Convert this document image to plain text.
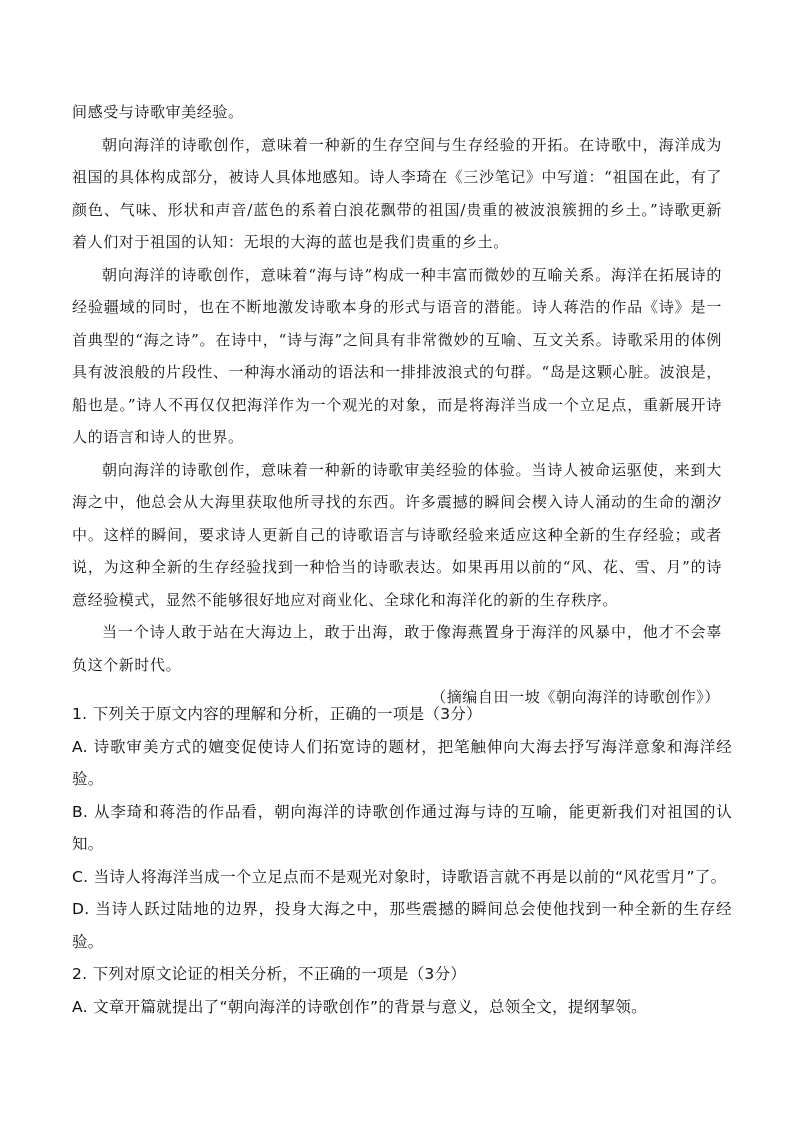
间感受与诗歌审美经验。

朝向海洋的诗歌创作，意味着一种新的生存空间与生存经验的开拓。在诗歌中，海洋成为祖国的具体构成部分，被诗人具体地感知。诗人李琦在《三沙笔记》中写道：“祖国在此，有了颜色、气味、形状和声音/蓝色的系着白浪花飘带的祖国/贵重的被波浪簇拥的乡土。”诗歌更新着人们对于祖国的认知：无垠的大海的蓝也是我们贵重的乡土。

朝向海洋的诗歌创作，意味着“海与诗”构成一种丰富而微妙的互喻关系。海洋在拓展诗的经验疆域的同时，也在不断地激发诗歌本身的形式与语音的潜能。诗人蒋浩的作品《诗》是一首典型的“海之诗”。在诗中，“诗与海”之间具有非常微妙的互喻、互文关系。诗歌采用的体例具有波浪般的片段性、一种海水涌动的语法和一排排波浪式的句群。“岛是这颗心脏。波浪是，船也是。”诗人不再仅仅把海洋作为一个观光的对象，而是将海洋当成一个立足点，重新展开诗人的语言和诗人的世界。

朝向海洋的诗歌创作，意味着一种新的诗歌审美经验的体验。当诗人被命运驱使，来到大海之中，他总会从大海里获取他所寻找的东西。许多震撼的瞬间会楔入诗人涌动的生命的潮汐中。这样的瞬间，要求诗人更新自己的诗歌语言与诗歌经验来适应这种全新的生存经验；或者说，为这种全新的生存经验找到一种恰当的诗歌表达。如果再用以前的“风、花、雪、月”的诗意经验模式，显然不能够很好地应对商业化、全球化和海洋化的新的生存秩序。

当一个诗人敢于站在大海边上，敢于出海，敢于像海燕置身于海洋的风暴中，他才不会辜负这个新时代。

（摘编自田一坡《朝向海洋的诗歌创作》）

1. 下列关于原文内容的理解和分析，正确的一项是（3分）

A. 诗歌审美方式的嬗变促使诗人们拓宽诗的题材，把笔触伸向大海去抒写海洋意象和海洋经验。

B. 从李琦和蒋浩的作品看，朝向海洋的诗歌创作通过海与诗的互喻，能更新我们对祖国的认知。

C. 当诗人将海洋当成一个立足点而不是观光对象时，诗歌语言就不再是以前的“风花雪月”了。

D. 当诗人跃过陆地的边界，投身大海之中，那些震撼的瞬间总会使他找到一种全新的生存经验。

2. 下列对原文论证的相关分析，不正确的一项是（3分）

A. 文章开篇就提出了“朝向海洋的诗歌创作”的背景与意义，总领全文，提纲挈领。
